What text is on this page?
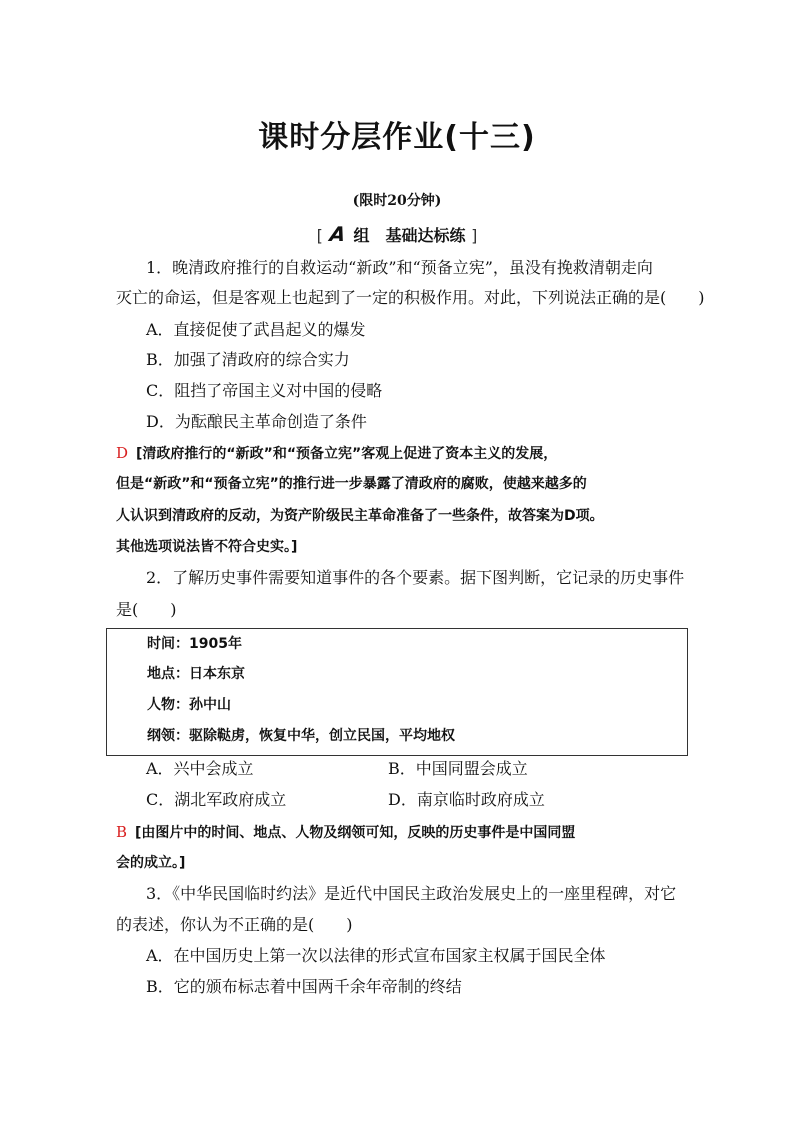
课时分层作业(十三)
(限时20分钟)
[ A 组　基础达标练 ]
1．晚清政府推行的自救运动“新政”和“预备立宪”，虽没有挽救清朝走向
灭亡的命运，但是客观上也起到了一定的积极作用。对此，下列说法正确的是(　　)
A．直接促使了武昌起义的爆发
B．加强了清政府的综合实力
C．阻挡了帝国主义对中国的侵略
D．为酝酿民主革命创造了条件
D [清政府推行的“新政”和“预备立宪”客观上促进了资本主义的发展，
但是“新政”和“预备立宪”的推行进一步暴露了清政府的腐败，使越来越多的
人认识到清政府的反动，为资产阶级民主革命准备了一些条件，故答案为D项。
其他选项说法皆不符合史实。]
2．了解历史事件需要知道事件的各个要素。据下图判断，它记录的历史事件
是(　　)
时间：1905年
地点：日本东京
人物：孙中山
纲领：驱除鞑虏，恢复中华，创立民国，平均地权
A．兴中会成立	B．中国同盟会成立
C．湖北军政府成立	D．南京临时政府成立
B [由图片中的时间、地点、人物及纲领可知，反映的历史事件是中国同盟
会的成立。]
3．《中华民国临时约法》是近代中国民主政治发展史上的一座里程碑，对它
的表述，你认为不正确的是(　　)
A．在中国历史上第一次以法律的形式宣布国家主权属于国民全体
B．它的颁布标志着中国两千余年帝制的终结
